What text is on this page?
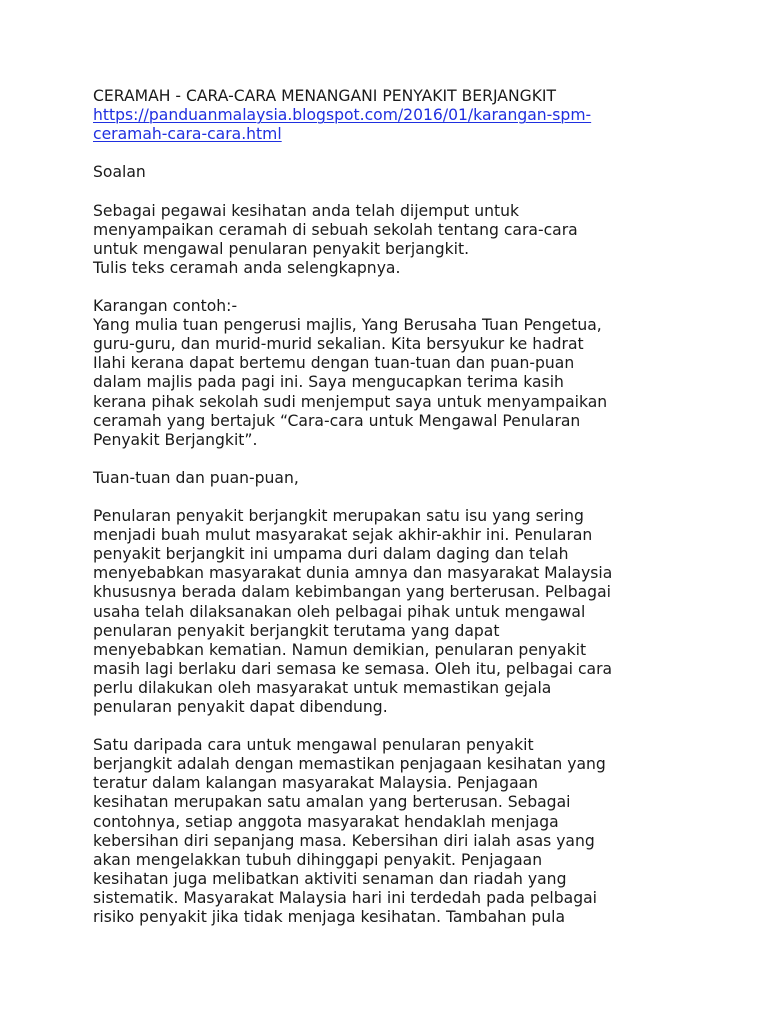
CERAMAH - CARA-CARA MENANGANI PENYAKIT BERJANGKIT
https://panduanmalaysia.blogspot.com/2016/01/karangan-spm-
ceramah-cara-cara.html
Soalan
Sebagai pegawai kesihatan anda telah dijemput untuk
menyampaikan ceramah di sebuah sekolah tentang cara-cara
untuk mengawal penularan penyakit berjangkit.
Tulis teks ceramah anda selengkapnya.
Karangan contoh:-
Yang mulia tuan pengerusi majlis, Yang Berusaha Tuan Pengetua,
guru-guru, dan murid-murid sekalian. Kita bersyukur ke hadrat
Ilahi kerana dapat bertemu dengan tuan-tuan dan puan-puan
dalam majlis pada pagi ini. Saya mengucapkan terima kasih
kerana pihak sekolah sudi menjemput saya untuk menyampaikan
ceramah yang bertajuk “Cara-cara untuk Mengawal Penularan
Penyakit Berjangkit”.
Tuan-tuan dan puan-puan,
Penularan penyakit berjangkit merupakan satu isu yang sering
menjadi buah mulut masyarakat sejak akhir-akhir ini. Penularan
penyakit berjangkit ini umpama duri dalam daging dan telah
menyebabkan masyarakat dunia amnya dan masyarakat Malaysia
khususnya berada dalam kebimbangan yang berterusan. Pelbagai
usaha telah dilaksanakan oleh pelbagai pihak untuk mengawal
penularan penyakit berjangkit terutama yang dapat
menyebabkan kematian. Namun demikian, penularan penyakit
masih lagi berlaku dari semasa ke semasa. Oleh itu, pelbagai cara
perlu dilakukan oleh masyarakat untuk memastikan gejala
penularan penyakit dapat dibendung.
Satu daripada cara untuk mengawal penularan penyakit
berjangkit adalah dengan memastikan penjagaan kesihatan yang
teratur dalam kalangan masyarakat Malaysia. Penjagaan
kesihatan merupakan satu amalan yang berterusan. Sebagai
contohnya, setiap anggota masyarakat hendaklah menjaga
kebersihan diri sepanjang masa. Kebersihan diri ialah asas yang
akan mengelakkan tubuh dihinggapi penyakit. Penjagaan
kesihatan juga melibatkan aktiviti senaman dan riadah yang
sistematik. Masyarakat Malaysia hari ini terdedah pada pelbagai
risiko penyakit jika tidak menjaga kesihatan. Tambahan pula
